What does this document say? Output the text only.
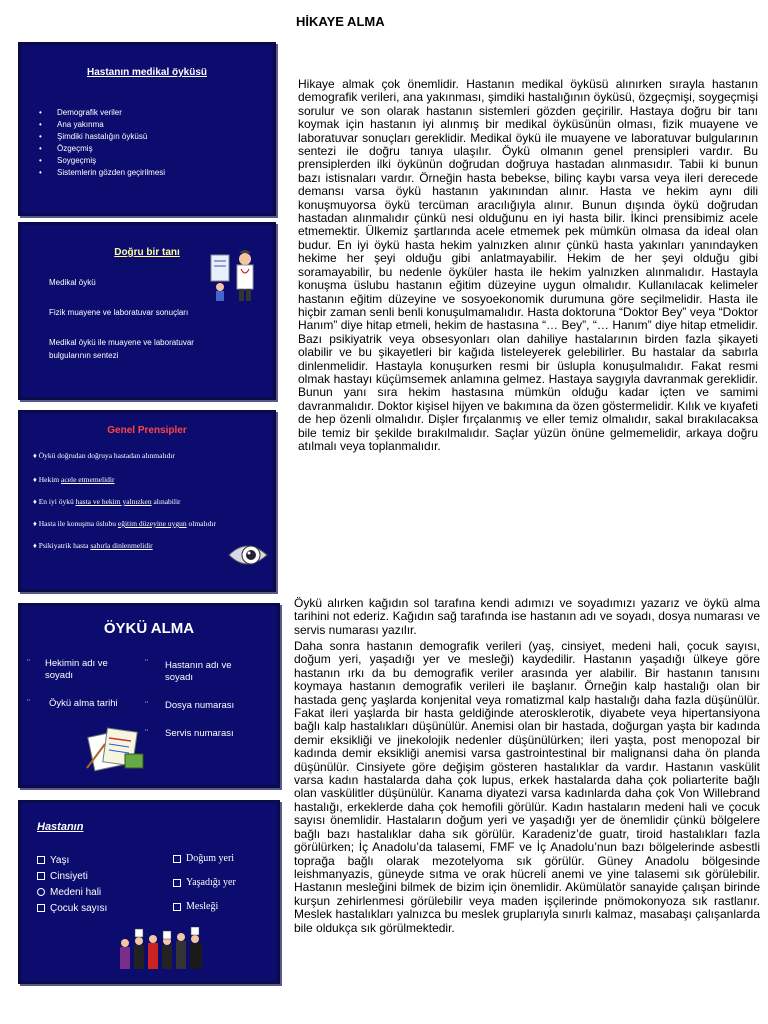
HİKAYE ALMA
Hastanın medikal öyküsü
• Demografik veriler
• Ana yakınma
• Şimdiki hastalığın öyküsü
• Özgeçmiş
• Soygeçmiş
• Sistemlerin gözden geçirilmesi
Doğru bir tanı
Medikal öykü
Fizik muayene ve laboratuvar sonuçları
Medikal öykü ile muayene ve laboratuvar
bulgularının sentezi
Genel Prensipler
♦ Öykü doğrudan doğruya hastadan alınmalıdır
♦ Hekim acele etmemelidir
♦ En iyi öykü hasta ve hekim yalnızken alınabilir
♦ Hasta ile konuşma üslubu eğitim düzeyine uygun olmalıdır
♦ Psikiyatrik hasta sabırla dinlenmelidir
ÖYKÜ ALMA
¨ Hekimin adı ve
soyadı
¨ Öykü alma tarihi
¨ Hastanın adı ve
soyadı
¨ Dosya numarası
¨ Servis numarası
Hastanın
Yaşı
Cinsiyeti
Medeni hali
Çocuk sayısı
Doğum yeri
Yaşadığı yer
Mesleği
Hikaye almak çok önemlidir. Hastanın medikal öyküsü alınırken sırayla hastanın demografik verileri, ana yakınması, şimdiki hastalığının öyküsü, özgeçmişi, soygeçmişi sorulur ve son olarak hastanın sistemleri gözden geçirilir. Hastaya doğru bir tanı koymak için hastanın iyi alınmış bir medikal öyküsünün olması, fizik muayene ve laboratuvar sonuçları gereklidir. Medikal öykü ile muayene ve laboratuvar bulgularının sentezi ile doğru tanıya ulaşılır. Öykü olmanın genel prensipleri vardır. Bu prensiplerden ilki öykünün doğrudan doğruya hastadan alınmasıdır. Tabii ki bunun bazı istisnaları vardır. Örneğin hasta bebekse, bilinç kaybı varsa veya ileri derecede demansı varsa öykü hastanın yakınından alınır. Hasta ve hekim aynı dili konuşmuyorsa öykü tercüman aracılığıyla alınır. Bunun dışında öykü doğrudan hastadan alınmalıdır çünkü nesi olduğunu en iyi hasta bilir. İkinci prensibimiz acele etmemektir. Ülkemiz şartlarında acele etmemek pek mümkün olmasa da ideal olan budur. En iyi öykü hasta hekim yalnızken alınır çünkü hasta yakınları yanındayken hekime her şeyi olduğu gibi anlatmayabilir. Hekim de her şeyi olduğu gibi soramayabilir, bu nedenle öyküler hasta ile hekim yalnızken alınmalıdır. Hastayla konuşma üslubu hastanın eğitim düzeyine uygun olmalıdır. Kullanılacak kelimeler hastanın eğitim düzeyine ve sosyoekonomik durumuna göre seçilmelidir. Hasta ile hiçbir zaman senli benli konuşulmamalıdır. Hasta doktoruna “Doktor Bey” veya “Doktor Hanım” diye hitap etmeli, hekim de hastasına “… Bey”, “… Hanım” diye hitap etmelidir. Bazı psikiyatrik veya obsesyonları olan dahiliye hastalarının birden fazla şikayeti olabilir ve bu şikayetleri bir kağıda listeleyerek gelebilirler. Bu hastalar da sabırla dinlenmelidir. Hastayla konuşurken resmi bir üslupla konuşulmalıdır. Fakat resmi olmak hastayı küçümsemek anlamına gelmez. Hastaya saygıyla davranmak gereklidir. Bunun yanı sıra hekim hastasına mümkün olduğu kadar içten ve samimi davranmalıdır. Doktor kişisel hijyen ve bakımına da özen göstermelidir. Kılık ve kıyafeti de hep özenli olmalıdır. Dişler fırçalanmış ve eller temiz olmalıdır, sakal bırakılacaksa bile temiz bir şekilde bırakılmalıdır. Saçlar yüzün önüne gelmemelidir, arkaya doğru atılmalı veya toplanmalıdır.
Öykü alırken kağıdın sol tarafına kendi adımızı ve soyadımızı yazarız ve öykü alma tarihini not ederiz. Kağıdın sağ tarafında ise hastanın adı ve soyadı, dosya numarası ve servis numarası yazılır.
Daha sonra hastanın demografik verileri (yaş, cinsiyet, medeni hali, çocuk sayısı, doğum yeri, yaşadığı yer ve mesleği) kaydedilir. Hastanın yaşadığı ülkeye göre hastanın ırkı da bu demografik veriler arasında yer alabilir. Bir hastanın tanısını koymaya hastanın demografik verileri ile başlanır. Örneğin kalp hastalığı olan bir hastada genç yaşlarda konjenital veya romatizmal kalp hastalığı daha fazla düşünülür. Fakat ileri yaşlarda bir hasta geldiğinde aterosklerotik, diyabete veya hipertansiyona bağlı kalp hastalıkları düşünülür. Anemisi olan bir hastada, doğurgan yaşta bir kadında demir eksikliği ve jinekolojik nedenler düşünülürken; ileri yaşta, post menopozal bir kadında demir eksikliği anemisi varsa gastrointestinal bir malignansi daha ön planda düşünülür. Cinsiyete göre değişim gösteren hastalıklar da vardır. Hastanın vaskülit varsa kadın hastalarda daha çok lupus, erkek hastalarda daha çok poliarterite bağlı olan vaskülitler düşünülür. Kanama diyatezi varsa kadınlarda daha çok Von Willebrand hastalığı, erkeklerde daha çok hemofili görülür. Kadın hastaların medeni hali ve çocuk sayısı önemlidir. Hastaların doğum yeri ve yaşadığı yer de önemlidir çünkü bölgelere bağlı bazı hastalıklar daha sık görülür. Karadeniz’de guatr, tiroid hastalıkları fazla görülürken; İç Anadolu’da talasemi, FMF ve İç Anadolu’nun bazı bölgelerinde asbestli toprağa bağlı olarak mezotelyoma sık görülür. Güney Anadolu bölgesinde leishmanyazis, güneyde sıtma ve orak hücreli anemi ve yine talasemi sık görülebilir. Hastanın mesleğini bilmek de bizim için önemlidir. Akümülatör sanayide çalışan birinde kurşun zehirlenmesi görülebilir veya maden işçilerinde pnömokonyoza sık rastlanır. Meslek hastalıkları yalnızca bu meslek gruplarıyla sınırlı kalmaz, masabaşı çalışanlarda bile oldukça sık görülmektedir.
